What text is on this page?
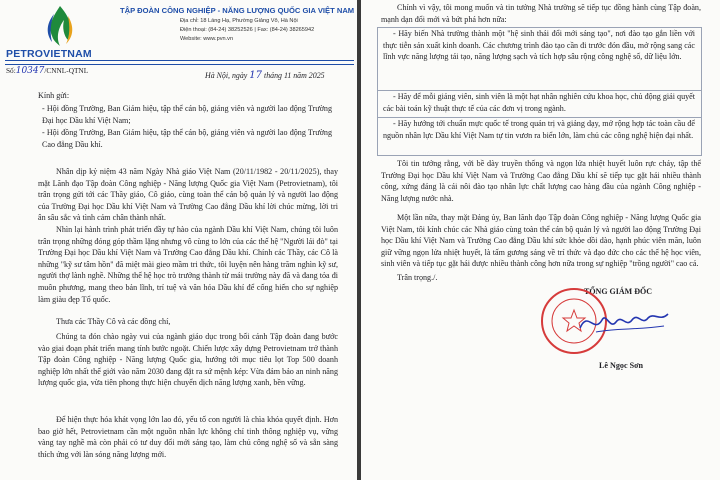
PETROVIETNAM
TẬP ĐOÀN CÔNG NGHIỆP - NĂNG LƯỢNG QUỐC GIA VIỆT NAM
Địa chỉ: 18 Láng Hạ, Phường Giảng Võ, Hà Nội
Điện thoại: (84-24) 38252526 | Fax: (84-24) 38265942
Website: www.pvn.vn
Số:10347/CNNL-QTNL
Hà Nội, ngày 17 tháng 11 năm 2025

Kính gửi:

- Hội đồng Trường, Ban Giám hiệu, tập thể cán bộ, giảng viên và người lao động Trường Đại học Dầu khí Việt Nam;

- Hội đồng Trường, Ban Giám hiệu, tập thể cán bộ, giảng viên và người lao động Trường Cao đẳng Dầu khí.

Nhân dịp kỷ niệm 43 năm Ngày Nhà giáo Việt Nam (20/11/1982 - 20/11/2025), thay mặt Lãnh đạo Tập đoàn Công nghiệp - Năng lượng Quốc gia Việt Nam (Petrovietnam), tôi trân trọng gửi tới các Thầy giáo, Cô giáo, cùng toàn thể cán bộ quản lý và người lao động của Trường Đại học Dầu khí Việt Nam và Trường Cao đẳng Dầu khí lời chúc mừng, lời tri ân sâu sắc và tình cảm chân thành nhất.

Nhìn lại hành trình phát triển đầy tự hào của ngành Dầu khí Việt Nam, chúng tôi luôn trân trọng những đóng góp thầm lặng nhưng vô cùng to lớn của các thế hệ "Người lái đò" tại Trường Đại học Dầu khí Việt Nam và Trường Cao đẳng Dầu khí. Chính các Thầy, các Cô là những "kỹ sư tâm hồn" đã miệt mài gieo mầm tri thức, tôi luyện nên hàng trăm nghìn kỹ sư, người thợ lành nghề. Những thế hệ học trò trưởng thành từ mái trường này đã và đang tỏa đi muôn phương, mang theo bản lĩnh, trí tuệ và văn hóa Dầu khí để cống hiến cho sự nghiệp làm giàu đẹp Tổ quốc.

Thưa các Thầy Cô và các đồng chí,

Chúng ta đón chào ngày vui của ngành giáo dục trong bối cảnh Tập đoàn đang bước vào giai đoạn phát triển mang tính bước ngoặt. Chiến lược xây dựng Petrovietnam trở thành Tập đoàn Công nghiệp - Năng lượng Quốc gia, hướng tới mục tiêu lọt Top 500 doanh nghiệp lớn nhất thế giới vào năm 2030 đang đặt ra sứ mệnh kép: Vừa đảm bảo an ninh năng lượng quốc gia, vừa tiên phong thực hiện chuyển dịch năng lượng xanh, bền vững.

Để hiện thực hóa khát vọng lớn lao đó, yếu tố con người là chìa khóa quyết định. Hơn bao giờ hết, Petrovietnam cần một nguồn nhân lực không chỉ tinh thông nghiệp vụ, vững vàng tay nghề mà còn phải có tư duy đổi mới sáng tạo, làm chủ công nghệ số và sẵn sàng thích ứng với làn sóng năng lượng mới.

Chính vì vậy, tôi mong muốn và tin tưởng Nhà trường sẽ tiếp tục đồng hành cùng Tập đoàn, mạnh dạn đổi mới và bứt phá hơn nữa:

- Hãy biến Nhà trường thành một "hệ sinh thái đổi mới sáng tạo", nơi đào tạo gắn liền với thực tiễn sản xuất kinh doanh. Các chương trình đào tạo cần đi trước đón đầu, mở rộng sang các lĩnh vực năng lượng tái tạo, năng lượng sạch và tích hợp sâu rộng công nghệ số, dữ liệu lớn.

- Hãy để mỗi giảng viên, sinh viên là một hạt nhân nghiên cứu khoa học, chủ động giải quyết các bài toán kỹ thuật thực tế của các đơn vị trong ngành.

- Hãy hướng tới chuẩn mực quốc tế trong quản trị và giảng dạy, mở rộng hợp tác toàn cầu để nguồn nhân lực Dầu khí Việt Nam tự tin vươn ra biển lớn, làm chủ các công nghệ hiện đại nhất.

Tôi tin tưởng rằng, với bề dày truyền thống và ngọn lửa nhiệt huyết luôn rực cháy, tập thể Trường Đại học Dầu khí Việt Nam và Trường Cao đẳng Dầu khí sẽ tiếp tục gặt hái nhiều thành công, xứng đáng là cái nôi đào tạo nhân lực chất lượng cao hàng đầu của ngành Công nghiệp - Năng lượng nước nhà.

Một lần nữa, thay mặt Đảng ủy, Ban lãnh đạo Tập đoàn Công nghiệp - Năng lượng Quốc gia Việt Nam, tôi kính chúc các Nhà giáo cùng toàn thể cán bộ quản lý và người lao động Trường Đại học Dầu khí Việt Nam và Trường Cao đẳng Dầu khí sức khỏe dồi dào, hạnh phúc viên mãn, luôn giữ vững ngọn lửa nhiệt huyết, là tấm gương sáng về trí thức và đạo đức cho các thế hệ học viên, sinh viên và tiếp tục gặt hái được nhiều thành công hơn nữa trong sự nghiệp "trồng người" cao cả.

Trân trọng./.

TỔNG GIÁM ĐỐC

Lê Ngọc Sơn
